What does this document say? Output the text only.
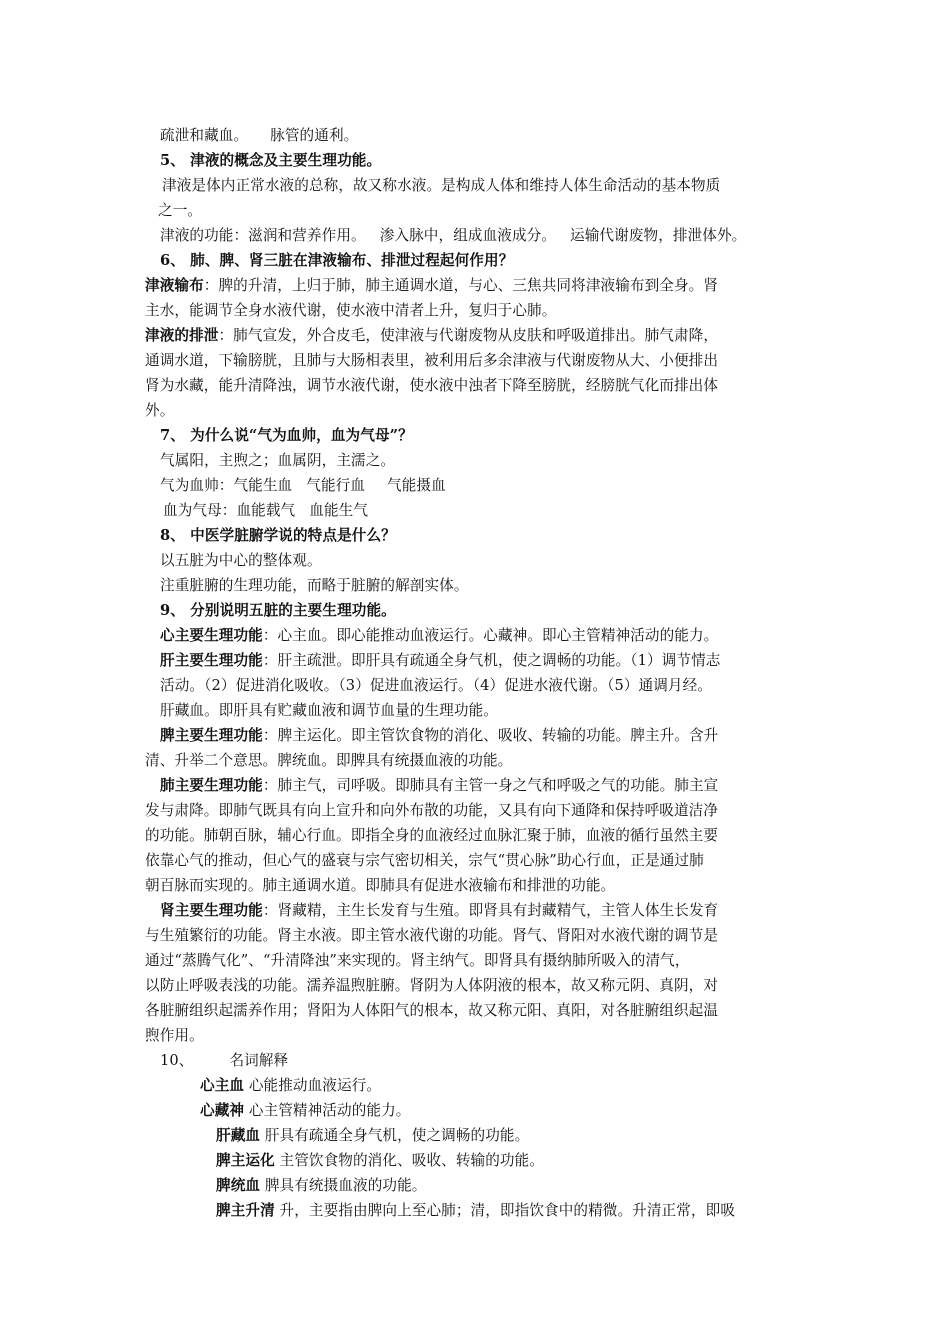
疏泄和藏血。 脉管的通利。

5、 津液的概念及主要生理功能。

津液是体内正常水液的总称，故又称水液。是构成人体和维持人体生命活动的基本物质

之一。

津液的功能：滋润和营养作用。 渗入脉中，组成血液成分。 运输代谢废物，排泄体外。

6、 肺、脾、肾三脏在津液输布、排泄过程起何作用？

津液输布：脾的升清，上归于肺，肺主通调水道，与心、三焦共同将津液输布到全身。肾

主水，能调节全身水液代谢，使水液中清者上升，复归于心肺。

津液的排泄：肺气宣发，外合皮毛，使津液与代谢废物从皮肤和呼吸道排出。肺气肃降，

通调水道，下输膀胱，且肺与大肠相表里，被利用后多余津液与代谢废物从大、小便排出

肾为水藏，能升清降浊，调节水液代谢，使水液中浊者下降至膀胱，经膀胱气化而排出体

外。

7、 为什么说“气为血帅，血为气母”？

气属阳，主煦之；血属阴，主濡之。

气为血帅：气能生血 气能行血 气能摄血

血为气母：血能载气 血能生气

8、 中医学脏腑学说的特点是什么？

以五脏为中心的整体观。

注重脏腑的生理功能，而略于脏腑的解剖实体。

9、 分别说明五脏的主要生理功能。

心主要生理功能：心主血。即心能推动血液运行。心藏神。即心主管精神活动的能力。

肝主要生理功能：肝主疏泄。即肝具有疏通全身气机，使之调畅的功能。（1）调节情志

活动。（2）促进消化吸收。（3）促进血液运行。（4）促进水液代谢。（5）通调月经。

肝藏血。即肝具有贮藏血液和调节血量的生理功能。

脾主要生理功能：脾主运化。即主管饮食物的消化、吸收、转输的功能。脾主升。含升

清、升举二个意思。脾统血。即脾具有统摄血液的功能。

肺主要生理功能：肺主气，司呼吸。即肺具有主管一身之气和呼吸之气的功能。肺主宣

发与肃降。即肺气既具有向上宣升和向外布散的功能，又具有向下通降和保持呼吸道洁净

的功能。肺朝百脉，辅心行血。即指全身的血液经过血脉汇聚于肺，血液的循行虽然主要

依靠心气的推动，但心气的盛衰与宗气密切相关，宗气“贯心脉”助心行血，正是通过肺

朝百脉而实现的。肺主通调水道。即肺具有促进水液输布和排泄的功能。

肾主要生理功能：肾藏精，主生长发育与生殖。即肾具有封藏精气，主管人体生长发育

与生殖繁衍的功能。肾主水液。即主管水液代谢的功能。肾气、肾阳对水液代谢的调节是

通过“蒸腾气化”、“升清降浊”来实现的。肾主纳气。即肾具有摄纳肺所吸入的清气，

以防止呼吸表浅的功能。濡养温煦脏腑。肾阴为人体阴液的根本，故又称元阴、真阴，对

各脏腑组织起濡养作用；肾阳为人体阳气的根本，故又称元阳、真阳，对各脏腑组织起温

煦作用。

10、 名词解释

心主血 心能推动血液运行。

心藏神 心主管精神活动的能力。

肝藏血 肝具有疏通全身气机，使之调畅的功能。

脾主运化 主管饮食物的消化、吸收、转输的功能。

脾统血 脾具有统摄血液的功能。

脾主升清 升，主要指由脾向上至心肺；清，即指饮食中的精微。升清正常，即吸
